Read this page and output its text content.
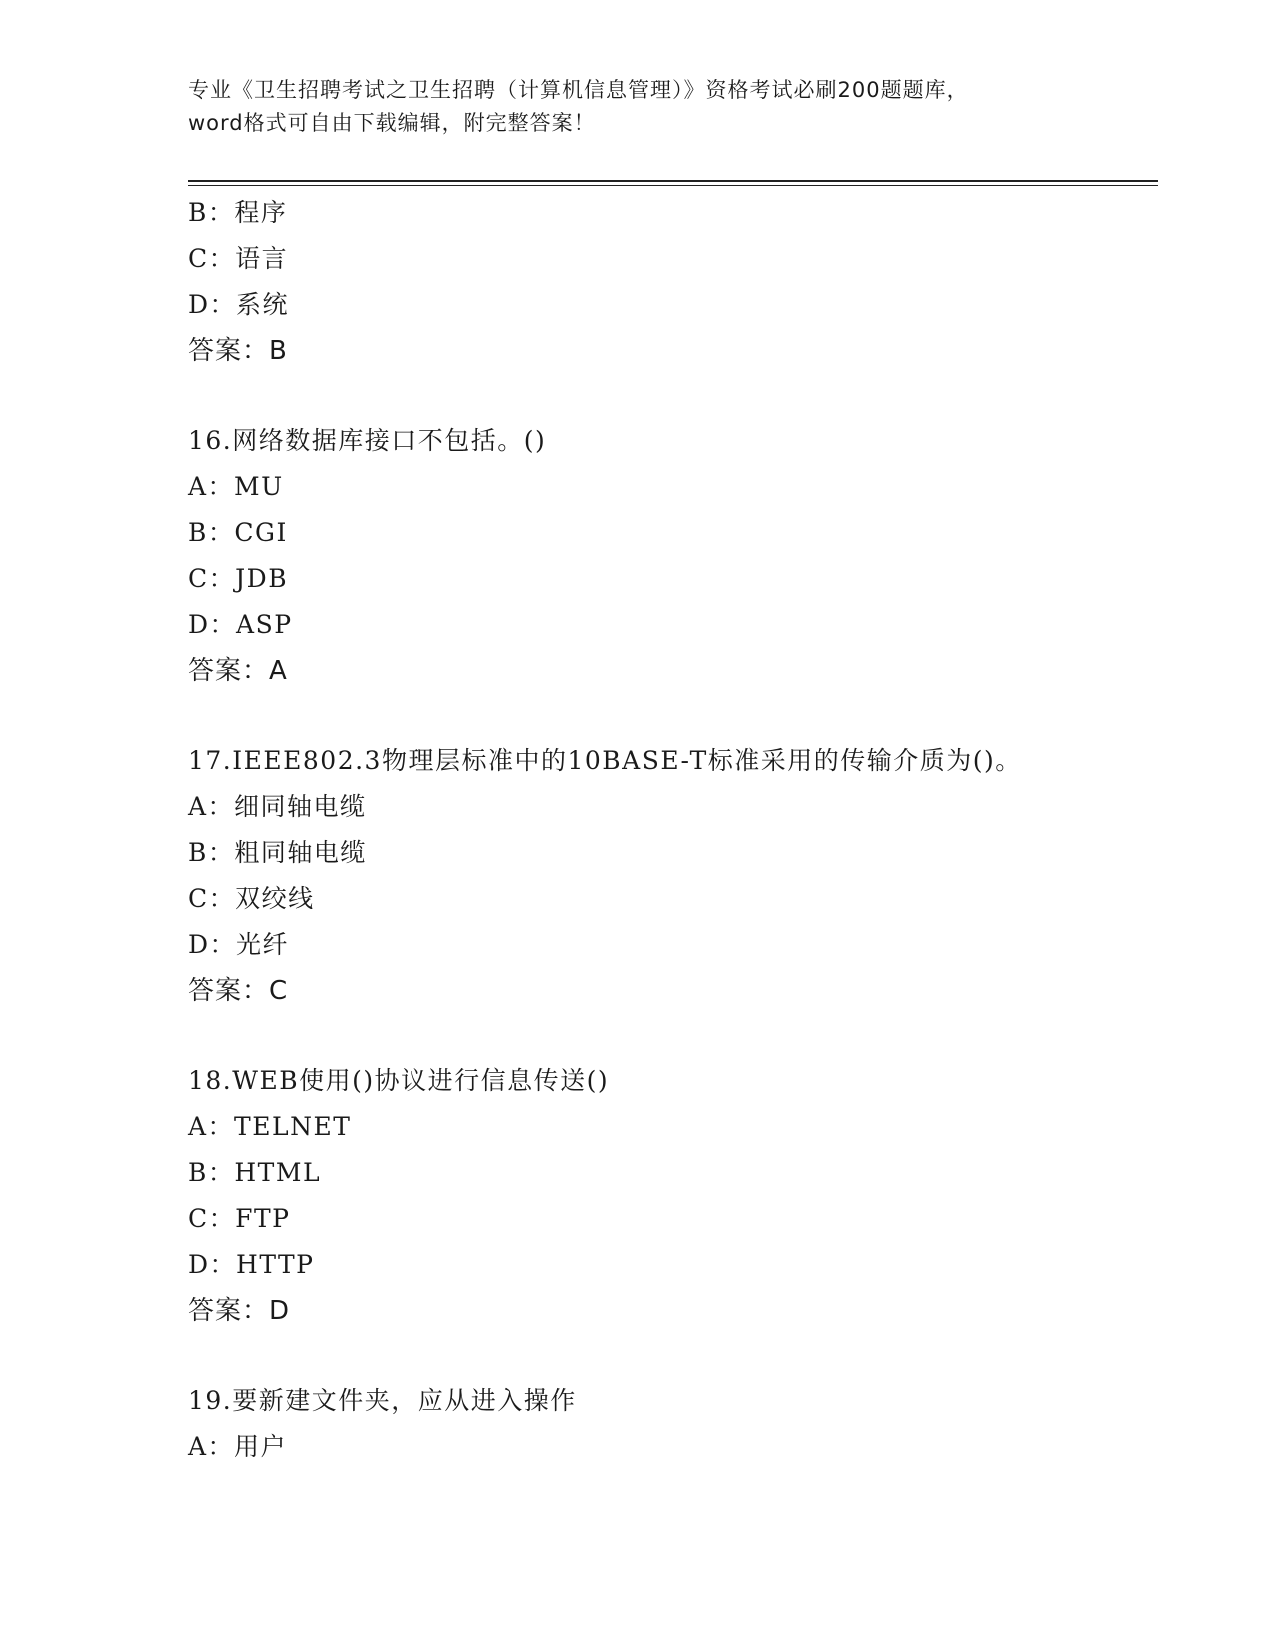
专业《卫生招聘考试之卫生招聘（计算机信息管理）》资格考试必刷200题题库，
word格式可自由下载编辑，附完整答案！
B：程序
C：语言
D：系统
答案：B
16.网络数据库接口不包括。()
A：MU
B：CGI
C：JDB
D：ASP
答案：A
17.IEEE802.3物理层标准中的10BASE-T标准采用的传输介质为()。
A：细同轴电缆
B：粗同轴电缆
C：双绞线
D：光纤
答案：C
18.WEB使用()协议进行信息传送()
A：TELNET
B：HTML
C：FTP
D：HTTP
答案：D
19.要新建文件夹，应从进入操作
A：用户
